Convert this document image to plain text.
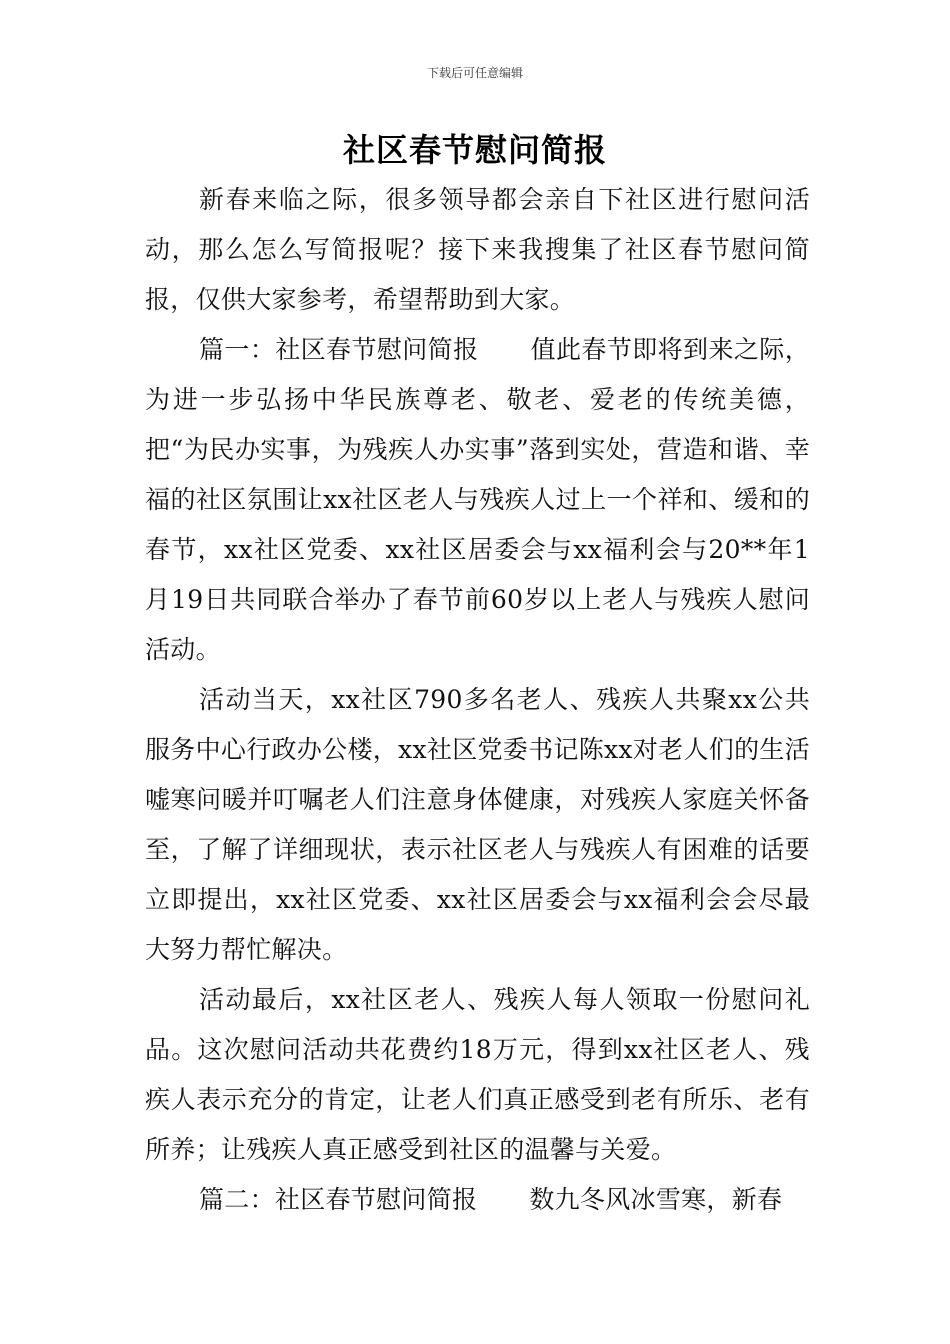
下载后可任意编辑
社区春节慰问简报

新春来临之际，很多领导都会亲自下社区进行慰问活动，那么怎么写简报呢？接下来我搜集了社区春节慰问简报，仅供大家参考，希望帮助到大家。

篇一：社区春节慰问简报 值此春节即将到来之际，为进一步弘扬中华民族尊老、敬老、爱老的传统美德，把“为民办实事，为残疾人办实事”落到实处，营造和谐、幸福的社区氛围让xx社区老人与残疾人过上一个祥和、缓和的春节，xx社区党委、xx社区居委会与xx福利会与20**年1月19日共同联合举办了春节前60岁以上老人与残疾人慰问活动。

活动当天，xx社区790多名老人、残疾人共聚xx公共服务中心行政办公楼，xx社区党委书记陈xx对老人们的生活嘘寒问暖并叮嘱老人们注意身体健康，对残疾人家庭关怀备至，了解了详细现状，表示社区老人与残疾人有困难的话要立即提出，xx社区党委、xx社区居委会与xx福利会会尽最大努力帮忙解决。

活动最后，xx社区老人、残疾人每人领取一份慰问礼品。这次慰问活动共花费约18万元，得到xx社区老人、残疾人表示充分的肯定，让老人们真正感受到老有所乐、老有所养；让残疾人真正感受到社区的温馨与关爱。

篇二：社区春节慰问简报 数九冬风冰雪寒，新春
